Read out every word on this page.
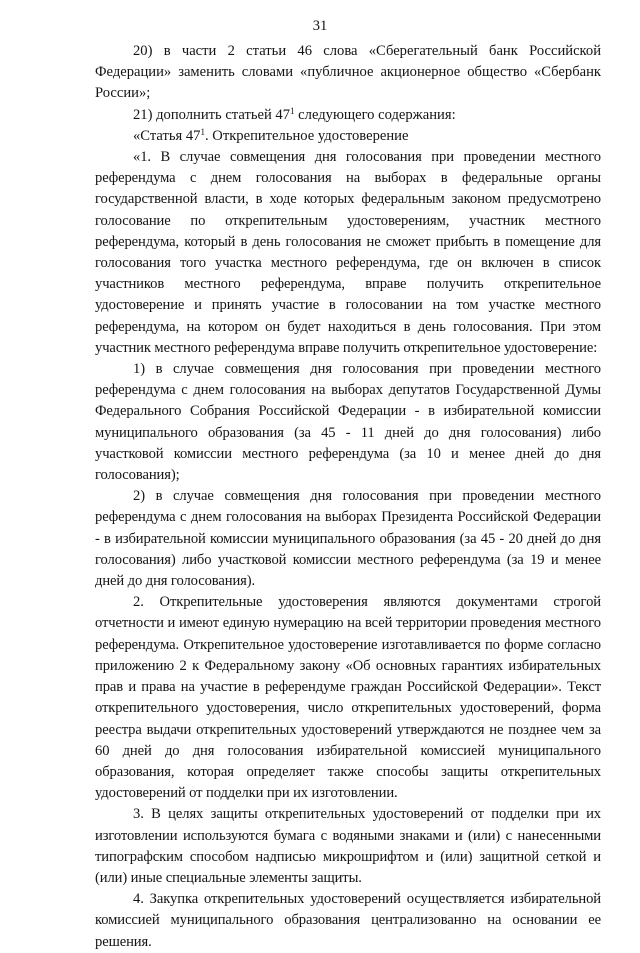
31

20) в части 2 статьи 46 слова «Сберегательный банк Российской Федерации» заменить словами «публичное акционерное общество «Сбербанк России»;

21) дополнить статьей $47^1$ следующего содержания:

«Статья $47^1$. Открепительное удостоверение

«1. В случае совмещения дня голосования при проведении местного референдума с днем голосования на выборах в федеральные органы государственной власти, в ходе которых федеральным законом предусмотрено голосование по открепительным удостоверениям, участник местного референдума, который в день голосования не сможет прибыть в помещение для голосования того участка местного референдума, где он включен в список участников местного референдума, вправе получить открепительное удостоверение и принять участие в голосовании на том участке местного референдума, на котором он будет находиться в день голосования. При этом участник местного референдума вправе получить открепительное удостоверение:

1) в случае совмещения дня голосования при проведении местного референдума с днем голосования на выборах депутатов Государственной Думы Федерального Собрания Российской Федерации - в избирательной комиссии муниципального образования (за 45 - 11 дней до дня голосования) либо участковой комиссии местного референдума (за 10 и менее дней до дня голосования);

2) в случае совмещения дня голосования при проведении местного референдума с днем голосования на выборах Президента Российской Федерации - в избирательной комиссии муниципального образования (за 45 - 20 дней до дня голосования) либо участковой комиссии местного референдума (за 19 и менее дней до дня голосования).

2. Открепительные удостоверения являются документами строгой отчетности и имеют единую нумерацию на всей территории проведения местного референдума. Открепительное удостоверение изготавливается по форме согласно приложению 2 к Федеральному закону «Об основных гарантиях избирательных прав и права на участие в референдуме граждан Российской Федерации». Текст открепительного удостоверения, число открепительных удостоверений, форма реестра выдачи открепительных удостоверений утверждаются не позднее чем за 60 дней до дня голосования избирательной комиссией муниципального образования, которая определяет также способы защиты открепительных удостоверений от подделки при их изготовлении.

3. В целях защиты открепительных удостоверений от подделки при их изготовлении используются бумага с водяными знаками и (или) с нанесенными типографским способом надписью микрошрифтом и (или) защитной сеткой и (или) иные специальные элементы защиты.

4. Закупка открепительных удостоверений осуществляется избирательной комиссией муниципального образования централизованно на основании ее решения.
